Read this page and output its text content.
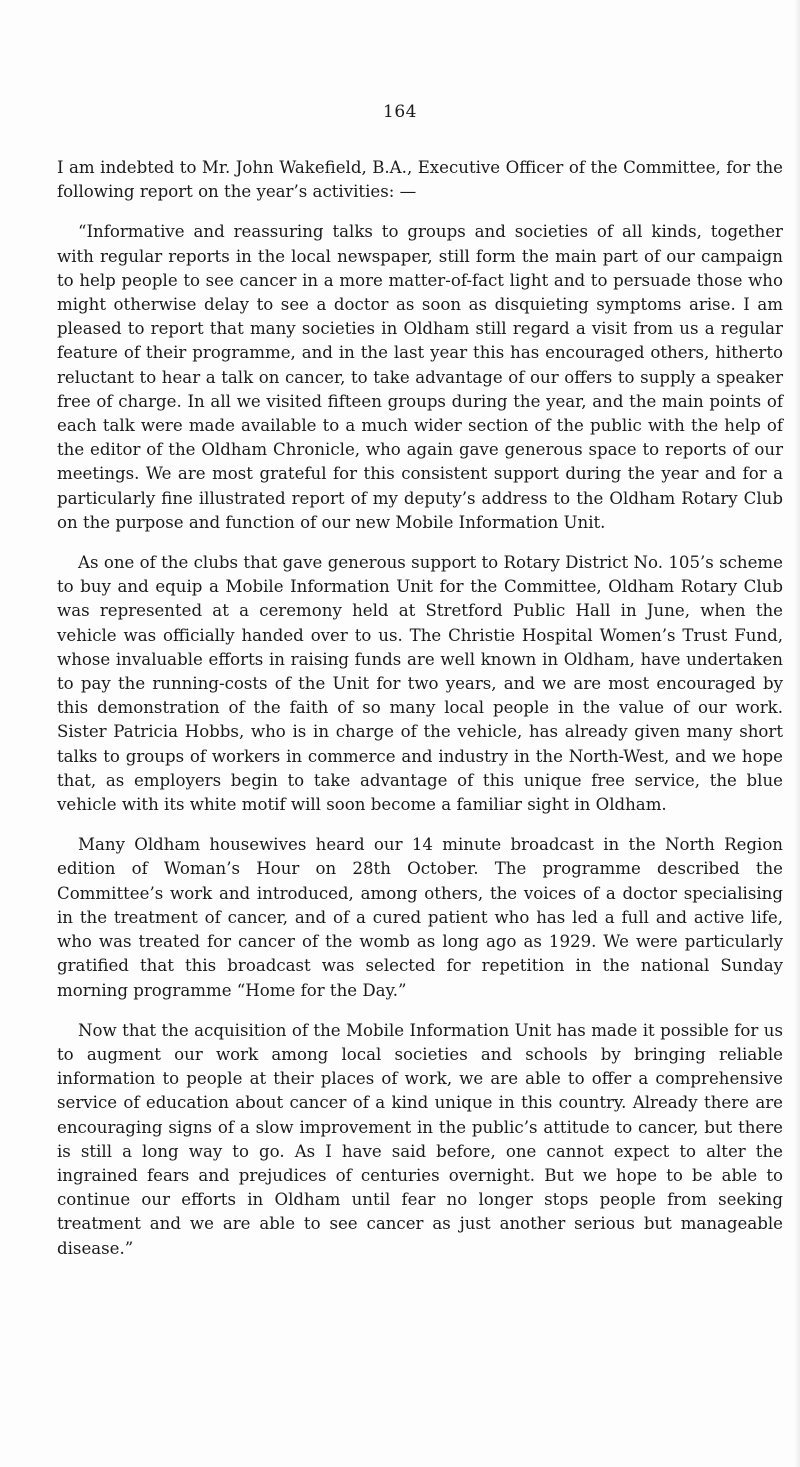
164

I am indebted to Mr. John Wakefield, B.A., Executive Officer of the Committee, for the following report on the year’s activities: —

“Informative and reassuring talks to groups and societies of all kinds, together with regular reports in the local newspaper, still form the main part of our campaign to help people to see cancer in a more matter-of-fact light and to persuade those who might otherwise delay to see a doctor as soon as disquieting symptoms arise. I am pleased to report that many societies in Oldham still regard a visit from us a regular feature of their programme, and in the last year this has encouraged others, hitherto reluctant to hear a talk on cancer, to take advantage of our offers to supply a speaker free of charge. In all we visited fifteen groups during the year, and the main points of each talk were made available to a much wider section of the public with the help of the editor of the Oldham Chronicle, who again gave generous space to reports of our meetings. We are most grateful for this consistent support during the year and for a particularly fine illustrated report of my deputy’s address to the Oldham Rotary Club on the purpose and function of our new Mobile Information Unit.

As one of the clubs that gave generous support to Rotary District No. 105’s scheme to buy and equip a Mobile Information Unit for the Committee, Oldham Rotary Club was represented at a ceremony held at Stretford Public Hall in June, when the vehicle was officially handed over to us. The Christie Hospital Women’s Trust Fund, whose invaluable efforts in raising funds are well known in Oldham, have undertaken to pay the running-costs of the Unit for two years, and we are most encouraged by this demonstration of the faith of so many local people in the value of our work. Sister Patricia Hobbs, who is in charge of the vehicle, has already given many short talks to groups of workers in commerce and industry in the North-West, and we hope that, as employers begin to take advantage of this unique free service, the blue vehicle with its white motif will soon become a familiar sight in Oldham.

Many Oldham housewives heard our 14 minute broadcast in the North Region edition of Woman’s Hour on 28th October. The programme described the Committee’s work and introduced, among others, the voices of a doctor specialising in the treatment of cancer, and of a cured patient who has led a full and active life, who was treated for cancer of the womb as long ago as 1929. We were particularly gratified that this broadcast was selected for repetition in the national Sunday morning programme “Home for the Day.”

Now that the acquisition of the Mobile Information Unit has made it possible for us to augment our work among local societies and schools by bringing reliable information to people at their places of work, we are able to offer a comprehensive service of education about cancer of a kind unique in this country. Already there are encouraging signs of a slow improvement in the public’s attitude to cancer, but there is still a long way to go. As I have said before, one cannot expect to alter the ingrained fears and prejudices of centuries overnight. But we hope to be able to continue our efforts in Oldham until fear no longer stops people from seeking treatment and we are able to see cancer as just another serious but manageable disease.”
